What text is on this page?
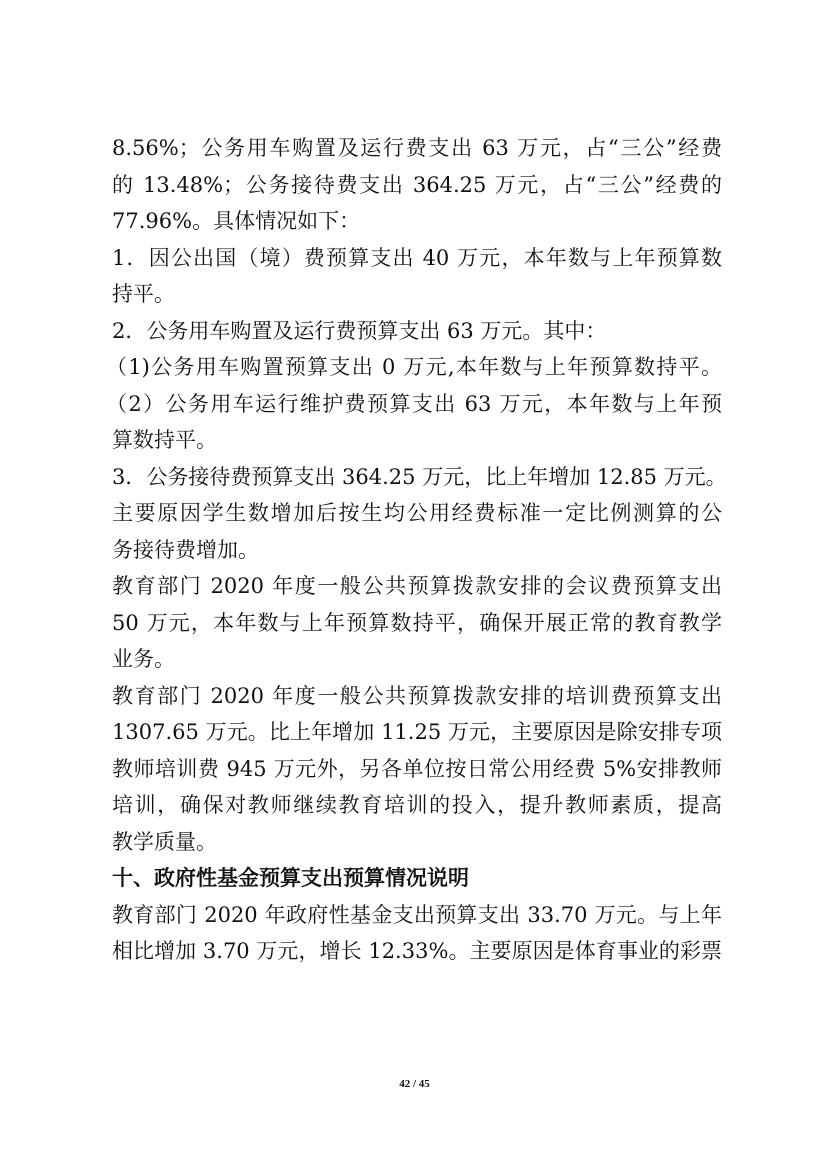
8.56%；公务用车购置及运行费支出 63 万元，占“三公”经费
的 13.48%；公务接待费支出 364.25 万元，占“三公”经费的
77.96%。具体情况如下：
1．因公出国（境）费预算支出 40 万元，本年数与上年预算数
持平。
2．公务用车购置及运行费预算支出 63 万元。其中：
（1)公务用车购置预算支出 0 万元,本年数与上年预算数持平。
（2）公务用车运行维护费预算支出 63 万元，本年数与上年预
算数持平。
3．公务接待费预算支出 364.25 万元，比上年增加 12.85 万元。
主要原因学生数增加后按生均公用经费标准一定比例测算的公
务接待费增加。
教育部门 2020 年度一般公共预算拨款安排的会议费预算支出
50 万元，本年数与上年预算数持平，确保开展正常的教育教学
业务。
教育部门 2020 年度一般公共预算拨款安排的培训费预算支出
1307.65 万元。比上年增加 11.25 万元，主要原因是除安排专项
教师培训费 945 万元外，另各单位按日常公用经费 5%安排教师
培训，确保对教师继续教育培训的投入，提升教师素质，提高
教学质量。
十、政府性基金预算支出预算情况说明
教育部门 2020 年政府性基金支出预算支出 33.70 万元。与上年
相比增加 3.70 万元，增长 12.33%。主要原因是体育事业的彩票
42 / 45
